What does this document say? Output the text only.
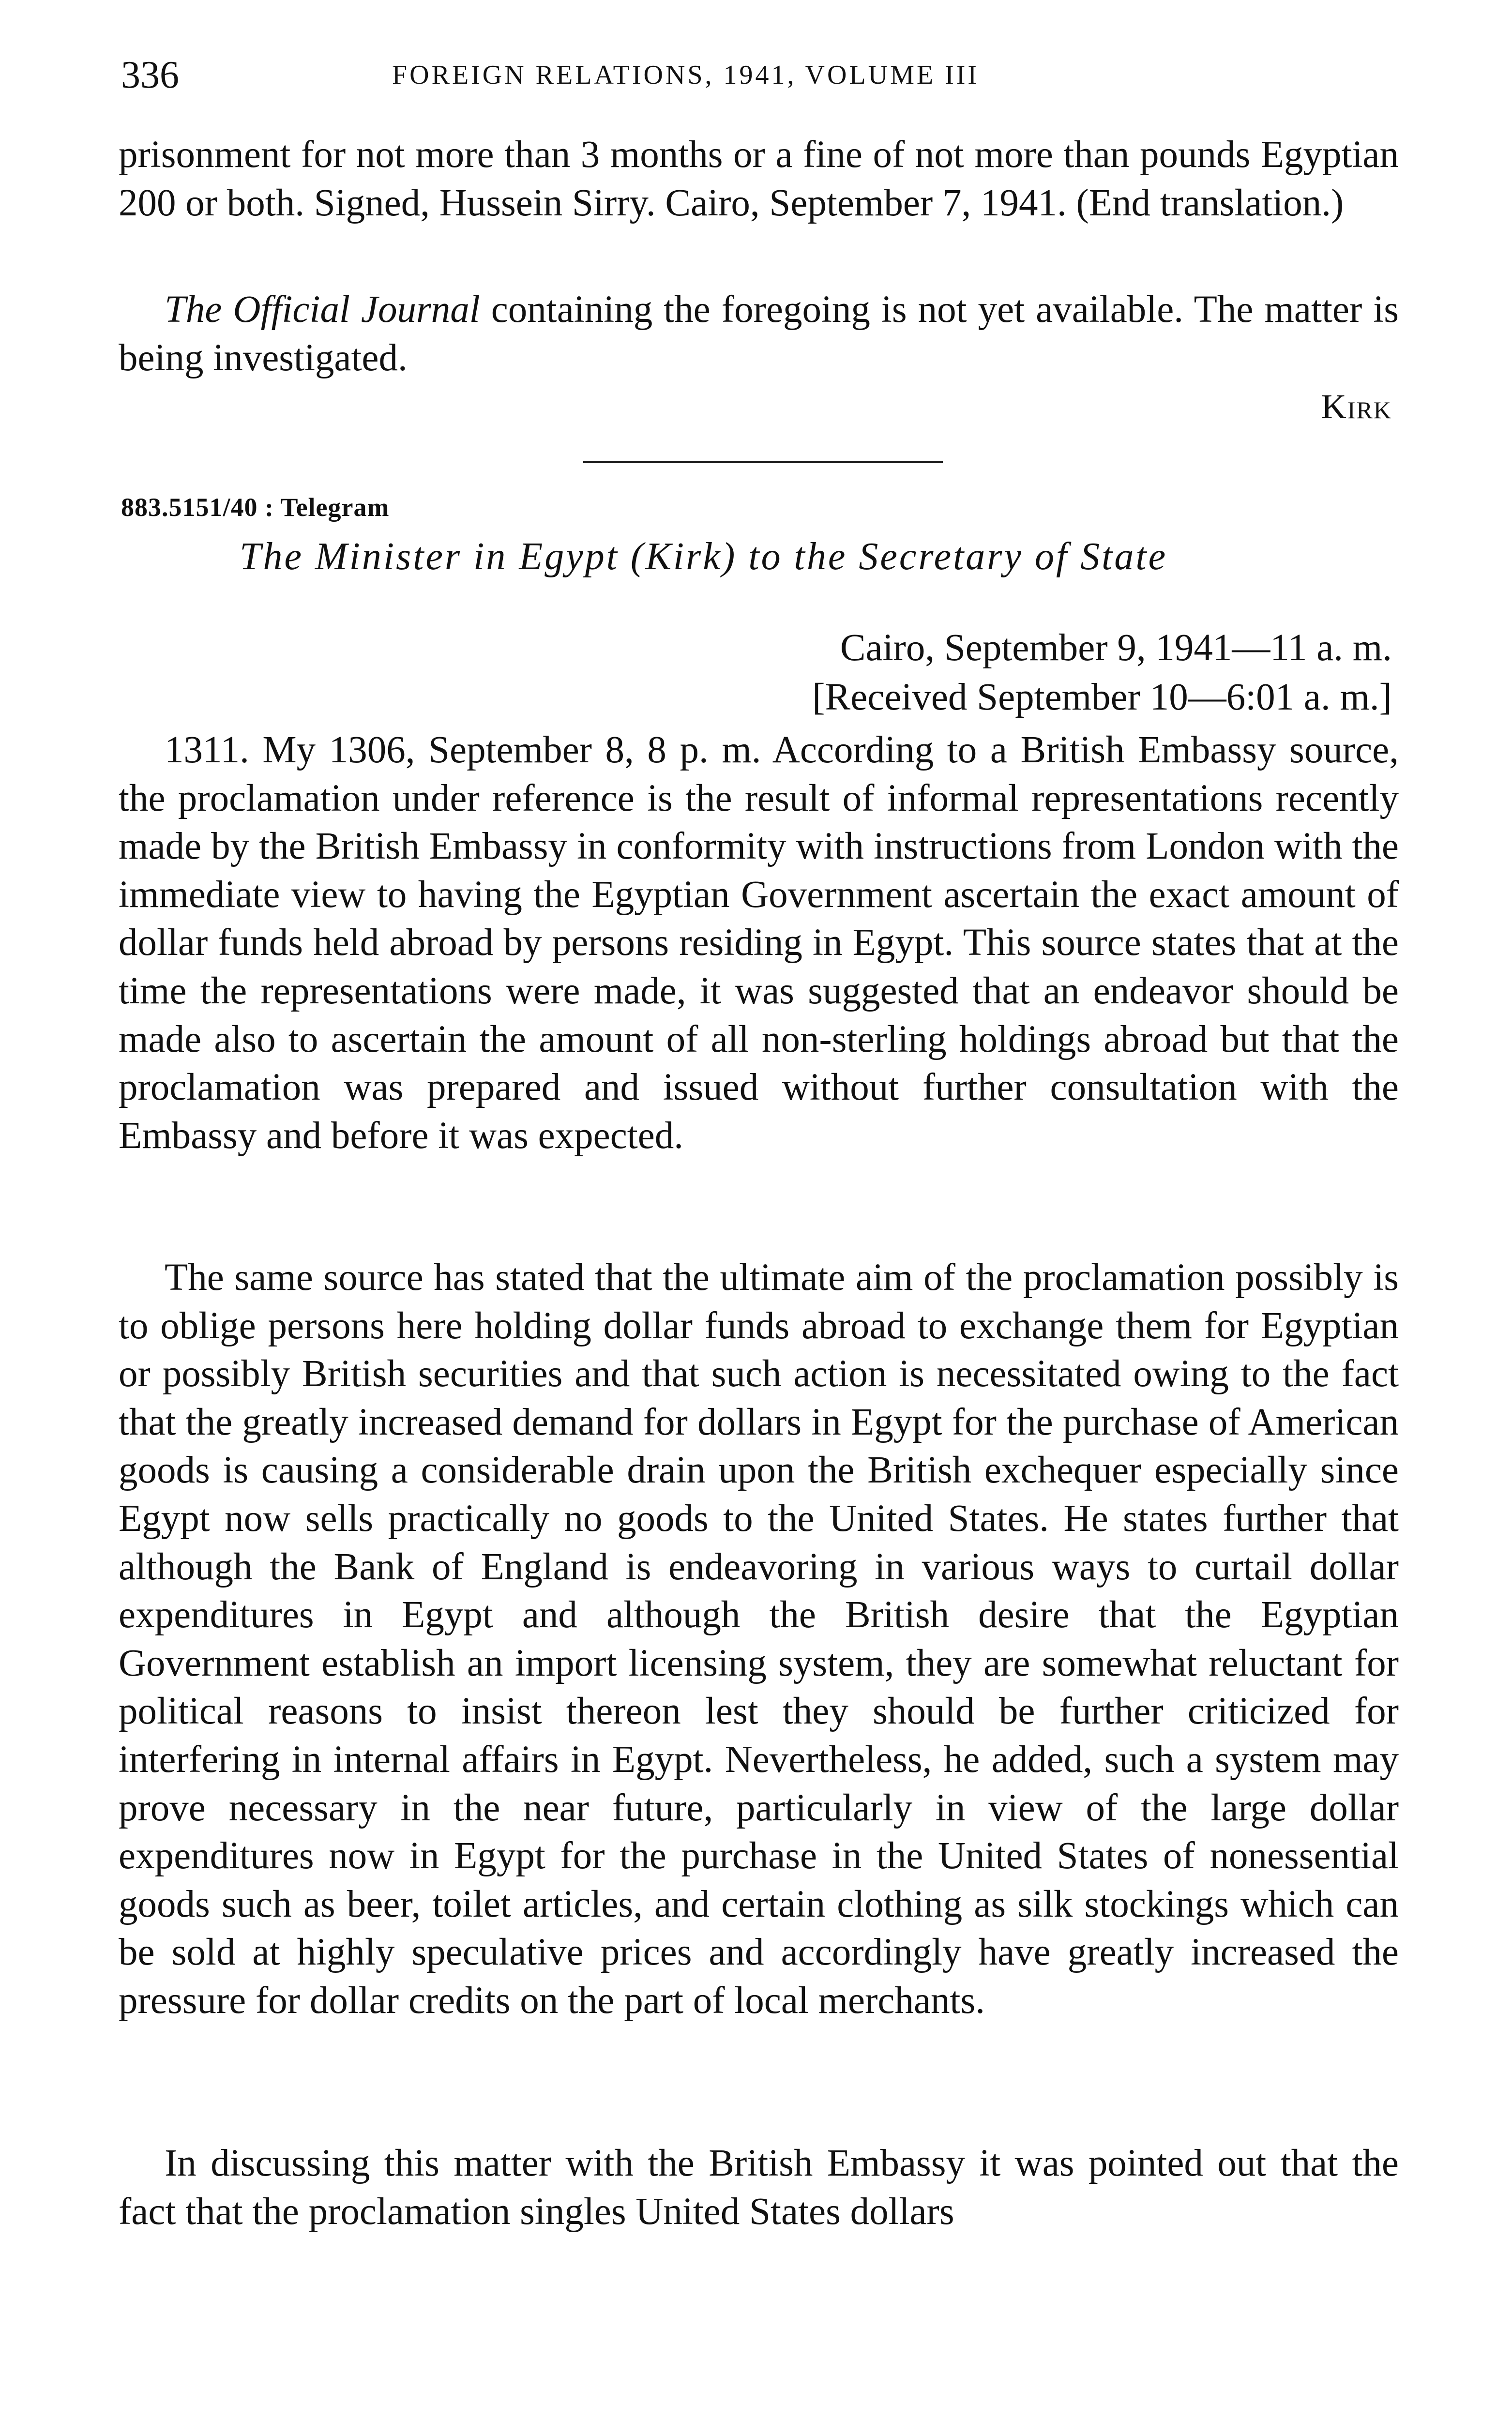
336	FOREIGN RELATIONS, 1941, VOLUME III
prisonment for not more than 3 months or a fine of not more than pounds Egyptian 200 or both. Signed, Hussein Sirry. Cairo, September 7, 1941. (End translation.)
The Official Journal containing the foregoing is not yet available. The matter is being investigated.
Kirk
883.5151/40 : Telegram
The Minister in Egypt (Kirk) to the Secretary of State
Cairo, September 9, 1941—11 a. m.
[Received September 10—6:01 a. m.]
1311. My 1306, September 8, 8 p. m. According to a British Embassy source, the proclamation under reference is the result of informal representations recently made by the British Embassy in conformity with instructions from London with the immediate view to having the Egyptian Government ascertain the exact amount of dollar funds held abroad by persons residing in Egypt. This source states that at the time the representations were made, it was suggested that an endeavor should be made also to ascertain the amount of all non-sterling holdings abroad but that the proclamation was prepared and issued without further consultation with the Embassy and before it was expected.
The same source has stated that the ultimate aim of the proclamation possibly is to oblige persons here holding dollar funds abroad to exchange them for Egyptian or possibly British securities and that such action is necessitated owing to the fact that the greatly increased demand for dollars in Egypt for the purchase of American goods is causing a considerable drain upon the British exchequer especially since Egypt now sells practically no goods to the United States. He states further that although the Bank of England is endeavoring in various ways to curtail dollar expenditures in Egypt and although the British desire that the Egyptian Government establish an import licensing system, they are somewhat reluctant for political reasons to insist thereon lest they should be further criticized for interfering in internal affairs in Egypt. Nevertheless, he added, such a system may prove necessary in the near future, particularly in view of the large dollar expenditures now in Egypt for the purchase in the United States of nonessential goods such as beer, toilet articles, and certain clothing as silk stockings which can be sold at highly speculative prices and accordingly have greatly increased the pressure for dollar credits on the part of local merchants.
In discussing this matter with the British Embassy it was pointed out that the fact that the proclamation singles United States dollars
